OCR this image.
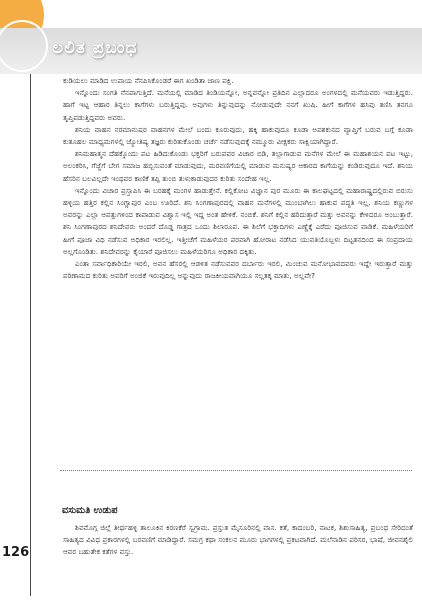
ಲಲಿತ ಪ್ರಬಂಧ

ಕುಡಿಯಲು ಮಾಡಿದ ಉಪಾಯ ನೆನಪಿಸಿಕೊಂಡರೆ ಈಗ ಖಂಡಿತಾ ಜಾಣ ಪಕ್ಷಿ.

ಇನ್ನೊಂದು ಸಂಗತಿ ನೆನಪಾಗುತ್ತಿದೆ. ಮನೆಯಲ್ಲಿ ಮಾಡಿದ ತಿಂಡಿಯನ್ನೋ, ಅನ್ನವನ್ನೋ ಪ್ರತಿದಿನ ಎಲ್ಲಾದರೂ ಅಂಗಳದಲ್ಲಿ ಮನೆಯವರು ಇಡುತ್ತಿದ್ದರು. ಹಾಗೆ ಇಟ್ಟ ಆಹಾರ ತಿನ್ನಲು ಕಾಗೆಗಳು ಬರುತ್ತಿದ್ದವು. ಅವುಗಳು ತಿನ್ನುವುದನ್ನು ನೋಡುವುದೇ ನನಗೆ ಖುಷಿ. ಹೀಗೆ ಕಾಗೆಗಳ ಹಸಿವು ತಣಿಸಿ ತನಗೂ ತೃಪ್ತಿಪಡುತ್ತಿದ್ದವರು ಅವರು.

ಶನಿಯ ವಾಹನ ನರಮಾನುಷರ ವಾಹನಗಳ ಮೇಲೆ ಬಂದು ಕೂರುವುದು, ಹಕ್ಕಿ ಹಾಕುವುದೂ ಕೂಡಾ ಅಪಶಕುನದ ವ್ಯಾಪ್ತಿಗೆ ಬರುವ ಬಗ್ಗೆ ಕೂಡಾ ಕುತೂಹಲ ಮಾಧ್ಯಮಗಳಲ್ಲಿ ಜ್ಯೋತಿಷ್ಯ ತಜ್ಞರು ಕುರಿತುಕೊಂಡು ಚರ್ಚೆ ನಡೆಸುವುದಕ್ಕೆ ನಮ್ಮೂರು ವೀಕ್ಷಕರು ಸಾಕ್ಷಿಯಾಗಿದ್ದಾರೆ.

ಶನಿಮಹಾತ್ಮನ ದೆಹಕ್ಕೊಂದು ಪಟ ಹಿಡಿದುಕೊಂಡು ಭಕ್ತರಿಗೆ ಬರುವವರ ವಿಚಾರ ಬಿಡಿ, ತಲ್ಲಾಗಾಡುವ ಮನೆಗಳ ಮೇಲೆ ಈ ಮಹಾಶಯನ ಪಟ ಇಟ್ಟು, ಅಲಂಕರಿಸಿ, ಗೆಜ್ಜೆಗೆ ಬೇಗ ಸಮಾಜ ಹಬ್ಬಿಸುವಂತೆ ಮಾಡುವುದು, ಮರವಣಿಗೆಯಲ್ಲಿ ಮಾಡುವ ಮನುಷ್ಯರ ಆಕಾರದ ಕಾಗೆಯನ್ನು ಕಂಡಿರುವುದೂ ಇದೆ. ಶನಿಯ ಹೆಸರಿನ ಬಲವಿಲ್ಲದೇ ಇಂಥವರ ಕಾಣಿಕೆ ತಪ್ಪಿ ತುಂಬಿ ತುಳುಕಾಡುವುದರ ಕುರಿತು ಸಂದೇಹ ಇಲ್ಲ.

ಇನ್ನೊಂದು ವಿಚಾರ ಪ್ರಸ್ತಾಪಿಸಿ ಈ ಬರಹಕ್ಕೆ ಮಂಗಳ ಹಾಡುತ್ತೇನೆ. ಕಲ್ಲಿಕೋಟ ವಿಜ್ಞಾನ ಪುರ ಮೂರು ಈ ಕಾಲಘಟ್ಟದಲ್ಲಿ ಮಹಾರಾಷ್ಟ್ರದಲ್ಲಿರುವ ಬಿರುಸು ಹಳ್ಳಿಯ ಹತ್ತಿರ ಕಲ್ಲಿನ ಸಿಂಗ್ಣಾಪುರ ಎಂಬ ಊರಿದೆ. ಶನಿ ಸಿಂಗಣಾಪುರದಲ್ಲಿ ವಾಹನ ಮನೆಗಳಲ್ಲಿ ಮುಂಬಾಗಿಲು ಹಾಕುವ ಪದ್ಧತಿ ಇಲ್ಲ. ಶನಿಯ ಕಣ್ಣುಗಳ ಅವರನ್ನು ಎಲ್ಲಾ ಆಪತ್ತುಗಳಿಂದ ಕಾಪಾಡುವ ವಿಶ್ವಾಸ ಇಲ್ಲಿ ಇದ್ದ ಅಂತ ಹೇಳಿಕೆ. ನಂಬಿಕೆ. ಶನಿಗೆ ಕಲ್ಲಿನ ಹರಿದುತ್ತಾರೆ ಮತ್ತು ಅವನನ್ನು ಕೇಳಿದರೂ ಅಂಬುತ್ತಾರೆ. ಶನಿ ಸಿಂಗಣಾಪುರದ ಶನಿದೇವರು ಅಂದರೆ ದೊಡ್ಡ ಗಾತ್ರದ ಒಂದು ಶಿಲಾರೂಪ. ಈ ಶಿಲೆಗೆ ಭಕ್ತಾದಿಗಳು ಎಣ್ಣೆಕ್ಕೆ ಎರೆದು ಪೂಜಿಸುವ ವಾಡಿಕೆ. ಮಹಿಳೆಯರಿಗೆ ಹೀಗೆ ಪೂಜಾ ವಿಧಿ ನಡೆಸುವ ಅಧಿಕಾರ ಇರಲಿಲ್ಲ. ಇತ್ತೀಚೆಗೆ ಮಹಿಳೆಯರ ಪರವಾಗಿ ಹೋರಾಟ ನಡೆಸಿದ ಯುವತಿಯೊಬ್ಬಳು ದಿಟ್ಟತನದಿಂದ ಈ ಸಂಪ್ರದಾಯ ಅಲ್ಲಗೊಂಡಿತು. ಶನಿದೇವರನ್ನು ಕೈಯಾರೆ ಪೂಜಿಸಲು ಮಹಿಳೆಯರಿಗೂ ಅಧಿಕಾರ ದಕ್ಕಿತು.

ಎಂತಾ ಸರ್ವಾಧಿಕಾರಿಯೇ ಇರಲಿ, ಅವನ ಹೆಸರಲ್ಲಿ ಆಡಳಿತ ನಡೆಸುವವರ ದರ್ಬಾರು ಇರಲಿ, ಮಿಂಚುವ ಮನೋಭಾವದವರು ಇದ್ದೇ ಇರುತ್ತಾರೆ ಮತ್ತು ಪರಿಣಾಮದ ಕುರಿತು ಅವರಿಗೆ ಅಂಜಿಕೆ ಇರುವುದಿಲ್ಲ ಅನ್ನುವುದು ರಾಜಕೀಯವಾಗಿಯೂ ಸಲ್ಲತಕ್ಕ ಮಾತು, ಅಲ್ಲವೇ?

ವಸುಮತಿ ಉಡುಪ

ಶಿವಮೊಗ್ಗ ಜಿಲ್ಲೆ ತೀರ್ಥಹಳ್ಳಿ ತಾಲೂಕಿನ ಕಿರಣಕೆರೆ ಸ್ವಗ್ರಾಮ. ಪ್ರಸ್ತುತ ಮೈಸೂರಿನಲ್ಲಿ ವಾಸ. ಕತೆ, ಕಾದಂಬರಿ, ನಾಟಕ, ಶಿಶುಸಾಹಿತ್ಯ, ಪ್ರಬಂಧ ಸೇರಿದಂತೆ ಸಾಹಿತ್ಯದ ವಿವಿಧ ಪ್ರಕಾರಗಳಲ್ಲಿ ಬರವಣಿಗೆ ಮಾಡಿದ್ದಾರೆ. ಸಮಗ್ರ ಕಥಾ ಸಂಕಲನ ಮೂರು ಭಾಗಗಳಲ್ಲಿ ಪ್ರಕಟವಾಗಿದೆ. ಮಲೆನಾಡಿನ ಪರಿಸರ, ಭಾಷೆ, ಜೀವನಶೈಲಿ ಆವರ ಬಹುತೇಕ ಕತೆಗಳ ವಸ್ತು.

126
